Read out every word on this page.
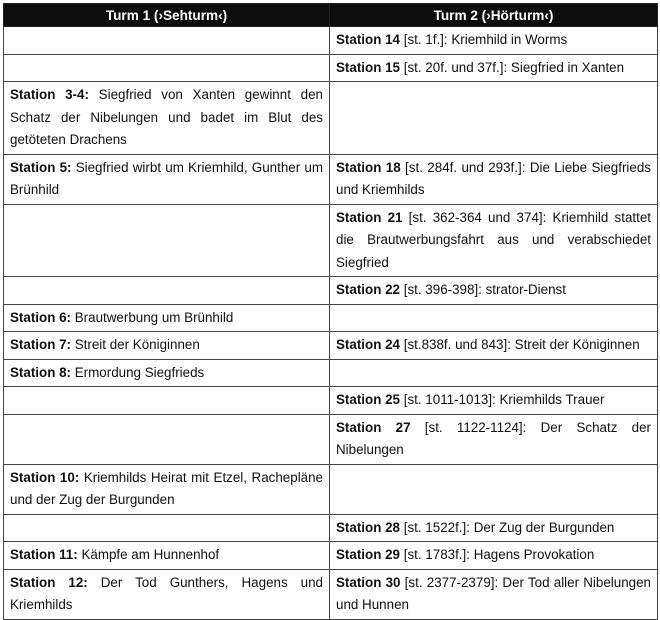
Turm 1 (›Sehturm‹)	Turm 2 (›Hörturm‹)
	Station 14 [st. 1f.]: Kriemhild in Worms
	Station 15 [st. 20f. und 37f.]: Siegfried in Xanten
Station 3-4: Siegfried von Xanten gewinnt den Schatz der Nibelungen und badet im Blut des getöteten Drachens	
Station 5: Siegfried wirbt um Kriemhild, Gunther um Brünhild	Station 18 [st. 284f. und 293f.]: Die Liebe Siegfrieds und Kriemhilds
	Station 21 [st. 362-364 und 374]: Kriemhild stattet die Brautwerbungsfahrt aus und verabschiedet Siegfried
	Station 22 [st. 396-398]: strator-Dienst
Station 6: Brautwerbung um Brünhild	
Station 7: Streit der Königinnen	Station 24 [st.838f. und 843]: Streit der Königinnen
Station 8: Ermordung Siegfrieds	
	Station 25 [st. 1011-1013]: Kriemhilds Trauer
	Station 27 [st. 1122-1124]: Der Schatz der Nibelungen
Station 10: Kriemhilds Heirat mit Etzel, Rachepläne und der Zug der Burgunden	
	Station 28 [st. 1522f.]: Der Zug der Burgunden
Station 11: Kämpfe am Hunnenhof	Station 29 [st. 1783f.]: Hagens Provokation
Station 12: Der Tod Gunthers, Hagens und Kriemhilds	Station 30 [st. 2377-2379]: Der Tod aller Nibelungen und Hunnen
